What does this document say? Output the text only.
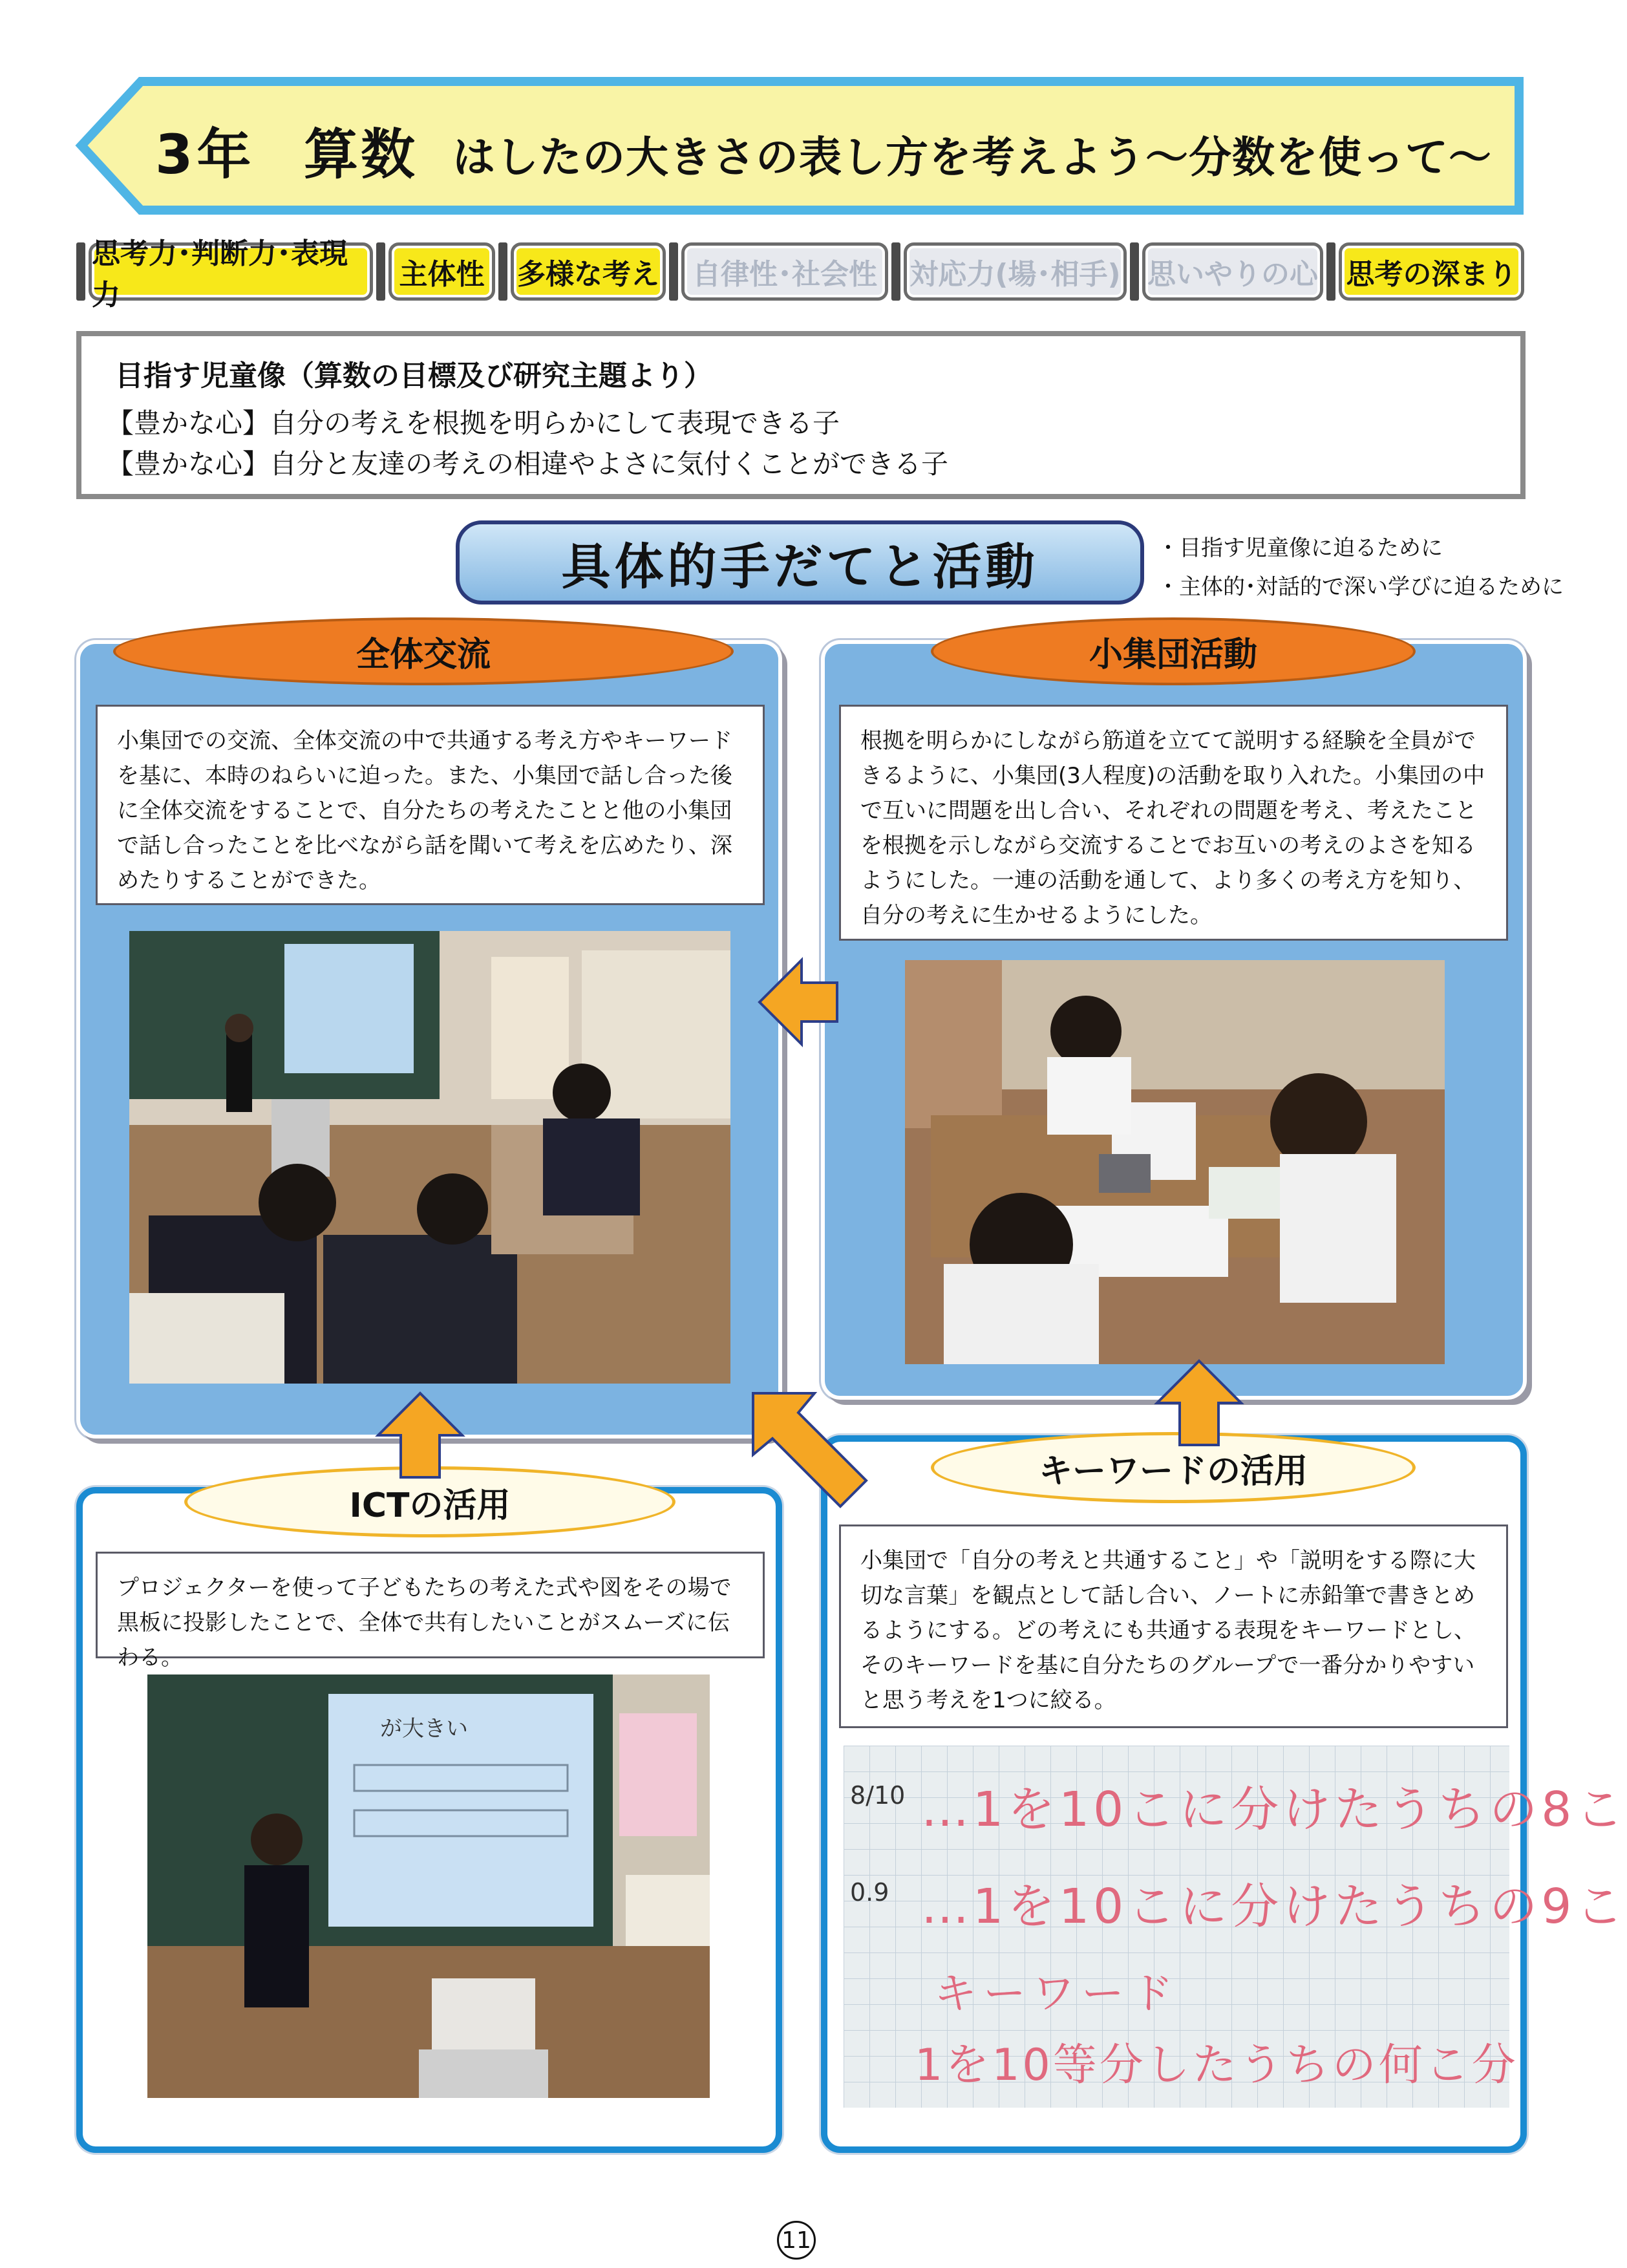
3年 算数 はしたの大きさの表し方を考えよう〜分数を使って〜
思考力･判断力･表現力
主体性	多様な考え	自律性･社会性	対応力(場･相手) 思いやりの心 思考の深まり
目指す児童像（算数の目標及び研究主題より）
【豊かな心】自分の考えを根拠を明らかにして表現できる子
【豊かな心】自分と友達の考えの相違やよさに気付くことができる子
具体的手だてと活動	・目指す児童像に迫るために
・主体的･対話的で深い学びに迫るために
全体交流
小集団での交流、全体交流の中で共通する考え方やキーワードを基に、本時のねらいに迫った。また、小集団で話し合った後に全体交流をすることで、自分たちの考えたことと他の小集団で話し合ったことを比べながら話を聞いて考えを広めたり、深めたりすることができた。
小集団活動
根拠を明らかにしながら筋道を立てて説明する経験を全員ができるように、小集団(3人程度)の活動を取り入れた。小集団の中で互いに問題を出し合い、それぞれの問題を考え、考えたことを根拠を示しながら交流することでお互いの考えのよさを知るようにした。一連の活動を通して、より多くの考え方を知り、自分の考えに生かせるようにした。
ICTの活用
プロジェクターを使って子どもたちの考えた式や図をその場で黒板に投影したことで、全体で共有したいことがスムーズに伝わる。
が大きい
キーワードの活用
小集団で「自分の考えと共通すること」や「説明をする際に大切な言葉」を観点として話し合い、ノートに赤鉛筆で書きとめるようにする。どの考えにも共通する表現をキーワードとし、そのキーワードを基に自分たちのグループで一番分かりやすいと思う考えを1つに絞る。
8/10 …1を10こに分けたうちの8こ
0.9 …1を10こに分けたうちの9こ
キーワード
1を10等分したうちの何こ分
11
